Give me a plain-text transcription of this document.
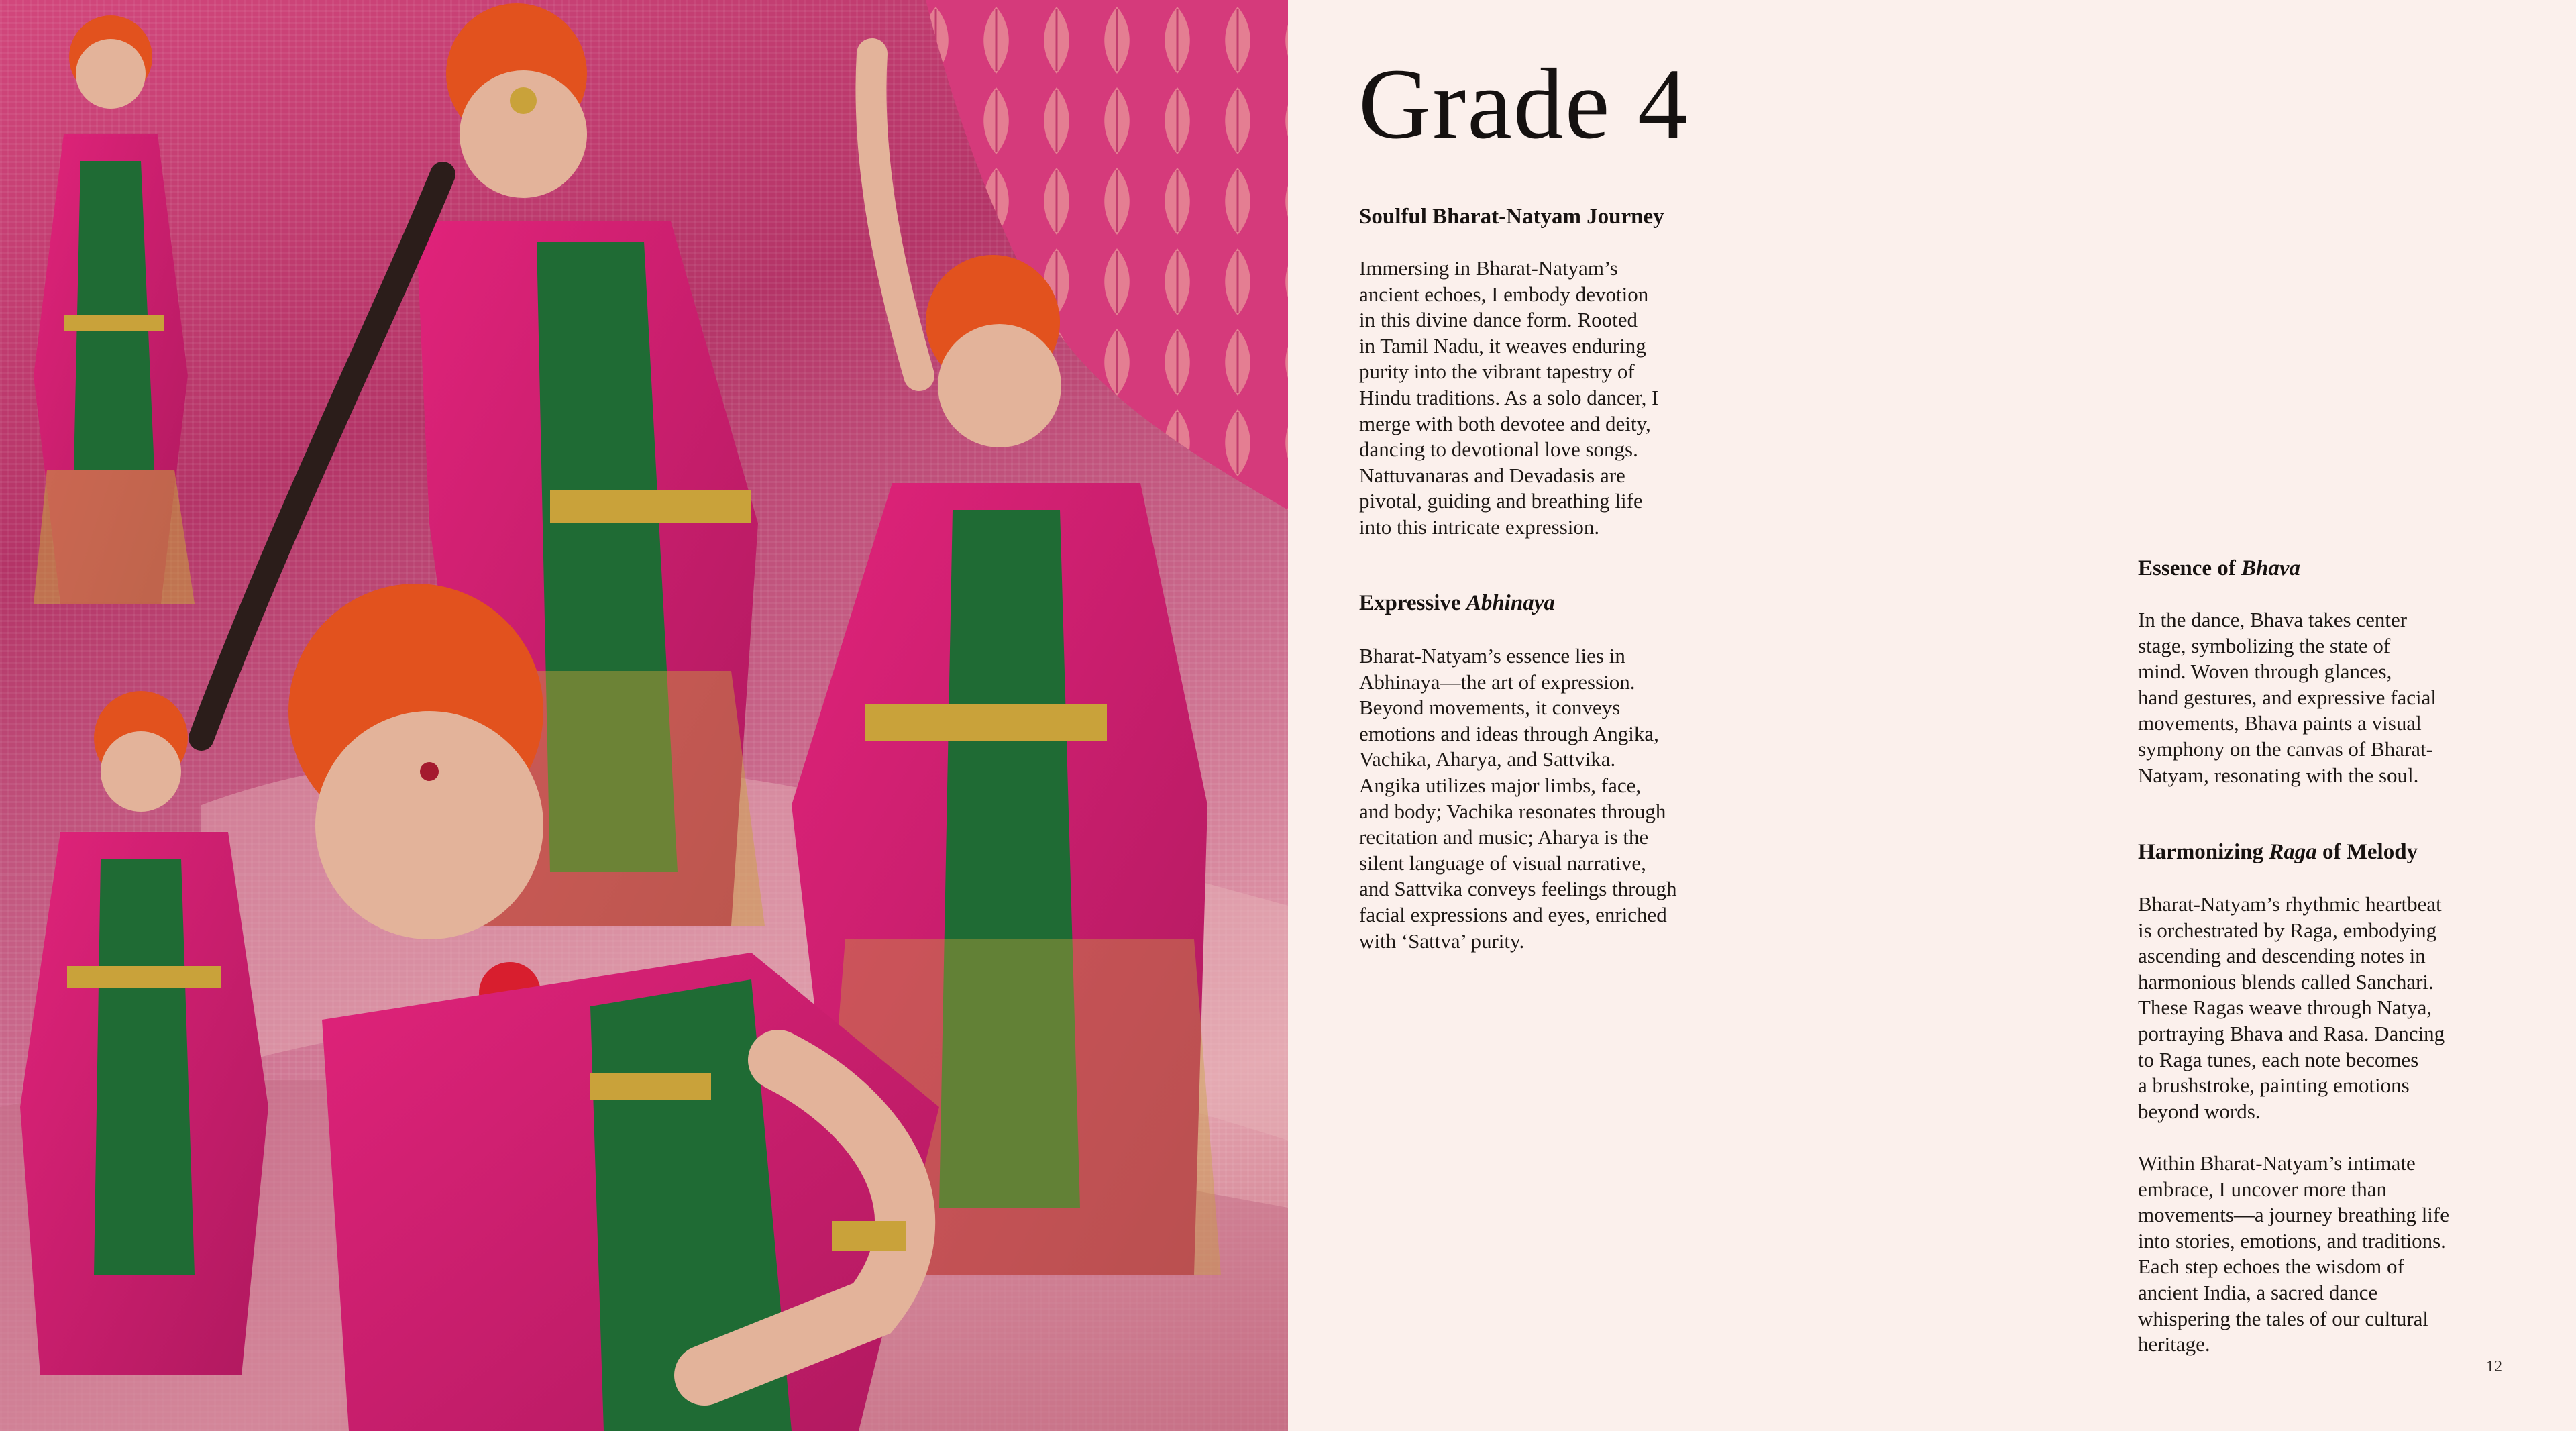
Grade 4
Soulful Bharat-Natyam Journey

Immersing in Bharat-Natyam’s
ancient echoes, I embody devotion
in this divine dance form. Rooted
in Tamil Nadu, it weaves enduring
purity into the vibrant tapestry of
Hindu traditions. As a solo dancer, I
merge with both devotee and deity,
dancing to devotional love songs.
Nattuvanaras and Devadasis are
pivotal, guiding and breathing life
into this intricate expression.

Expressive Abhinaya

Bharat-Natyam’s essence lies in
Abhinaya—the art of expression.
Beyond movements, it conveys
emotions and ideas through Angika,
Vachika, Aharya, and Sattvika.
Angika utilizes major limbs, face,
and body; Vachika resonates through
recitation and music; Aharya is the
silent language of visual narrative,
and Sattvika conveys feelings through
facial expressions and eyes, enriched
with ‘Sattva’ purity.

Essence of Bhava

In the dance, Bhava takes center
stage, symbolizing the state of
mind. Woven through glances,
hand gestures, and expressive facial
movements, Bhava paints a visual
symphony on the canvas of Bharat-
Natyam, resonating with the soul.

Harmonizing Raga of Melody

Bharat-Natyam’s rhythmic heartbeat
is orchestrated by Raga, embodying
ascending and descending notes in
harmonious blends called Sanchari.
These Ragas weave through Natya,
portraying Bhava and Rasa. Dancing
to Raga tunes, each note becomes
a brushstroke, painting emotions
beyond words.

Within Bharat-Natyam’s intimate
embrace, I uncover more than
movements—a journey breathing life
into stories, emotions, and traditions.
Each step echoes the wisdom of
ancient India, a sacred dance
whispering the tales of our cultural
heritage.

12
